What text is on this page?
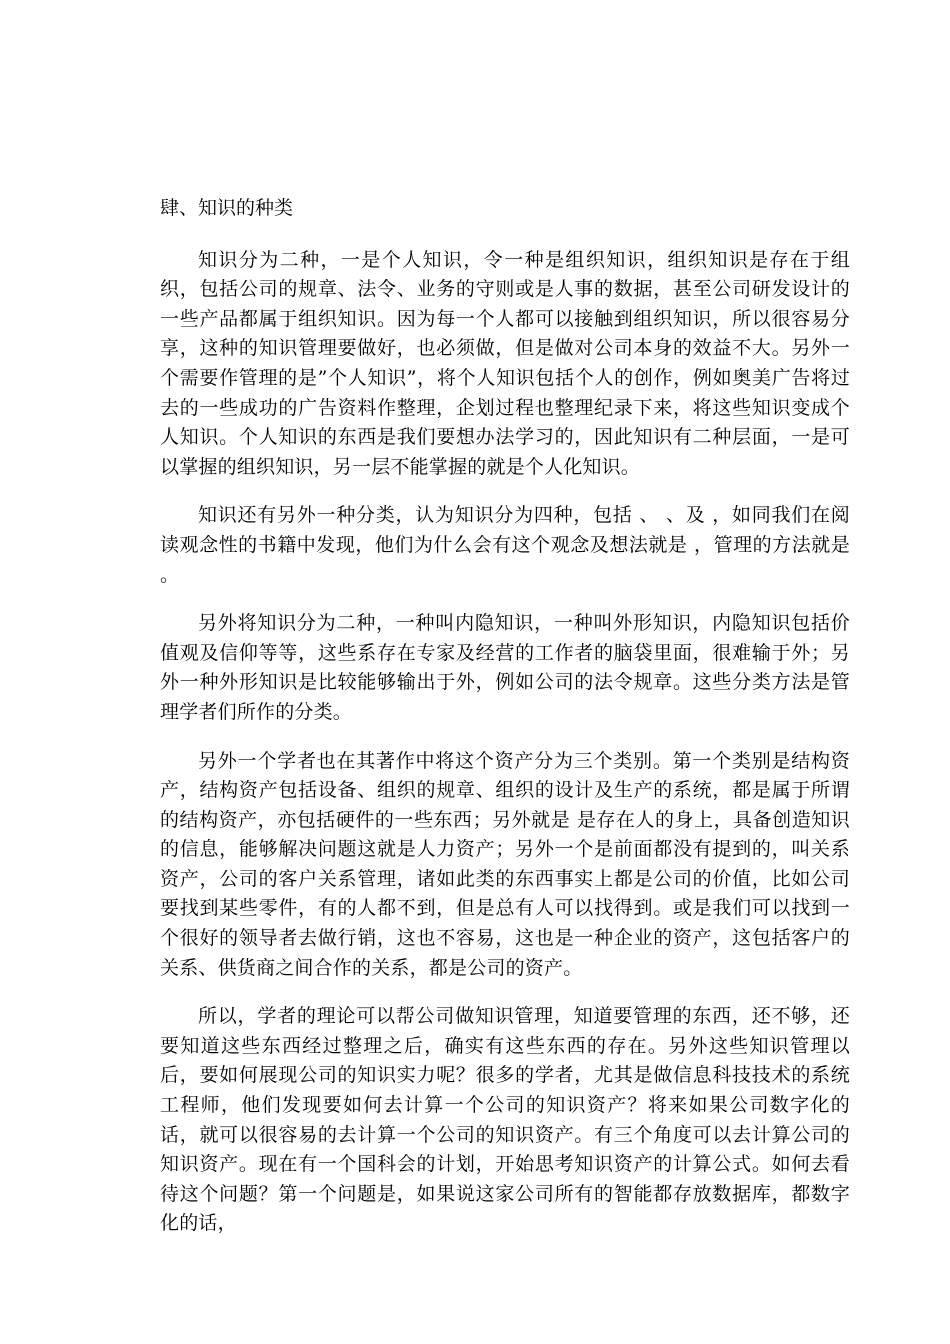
肆、知识的种类

知识分为二种，一是个人知识，令一种是组织知识，组织知识是存在于组织，包括公司的规章、法令、业务的守则或是人事的数据，甚至公司研发设计的一些产品都属于组织知识。因为每一个人都可以接触到组织知识，所以很容易分享，这种的知识管理要做好，也必须做，但是做对公司本身的效益不大。另外一个需要作管理的是”个人知识”，将个人知识包括个人的创作，例如奥美广告将过去的一些成功的广告资料作整理，企划过程也整理纪录下来，将这些知识变成个人知识。个人知识的东西是我们要想办法学习的，因此知识有二种层面，一是可以掌握的组织知识，另一层不能掌握的就是个人化知识。

知识还有另外一种分类，认为知识分为四种，包括 、 、及 ，如同我们在阅读观念性的书籍中发现，他们为什么会有这个观念及想法就是 ，管理的方法就是 。

另外将知识分为二种，一种叫内隐知识，一种叫外形知识，内隐知识包括价值观及信仰等等，这些系存在专家及经营的工作者的脑袋里面，很难输于外；另外一种外形知识是比较能够输出于外，例如公司的法令规章。这些分类方法是管理学者们所作的分类。

另外一个学者也在其著作中将这个资产分为三个类别。第一个类别是结构资产，结构资产包括设备、组织的规章、组织的设计及生产的系统，都是属于所谓的结构资产，亦包括硬件的一些东西；另外就是 是存在人的身上，具备创造知识的信息，能够解决问题这就是人力资产；另外一个是前面都没有提到的，叫关系资产，公司的客户关系管理，诸如此类的东西事实上都是公司的价值，比如公司要找到某些零件，有的人都不到，但是总有人可以找得到。或是我们可以找到一个很好的领导者去做行销，这也不容易，这也是一种企业的资产，这包括客户的关系、供货商之间合作的关系，都是公司的资产。

所以，学者的理论可以帮公司做知识管理，知道要管理的东西，还不够，还要知道这些东西经过整理之后，确实有这些东西的存在。另外这些知识管理以后，要如何展现公司的知识实力呢？很多的学者，尤其是做信息科技技术的系统工程师，他们发现要如何去计算一个公司的知识资产？将来如果公司数字化的话，就可以很容易的去计算一个公司的知识资产。有三个角度可以去计算公司的知识资产。现在有一个国科会的计划，开始思考知识资产的计算公式。如何去看待这个问题？第一个问题是，如果说这家公司所有的智能都存放数据库，都数字化的话，
